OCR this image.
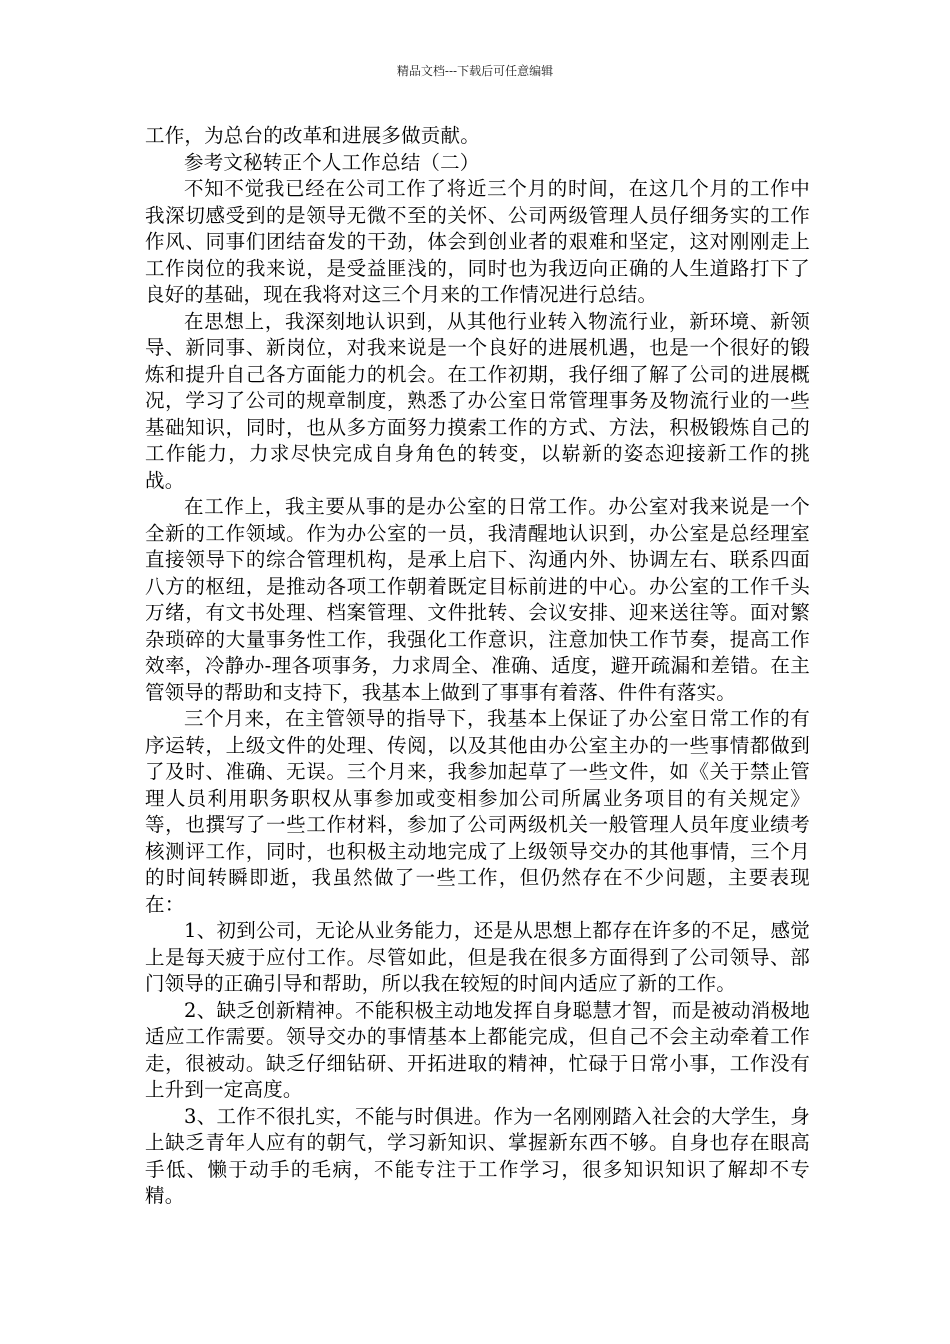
精品文档---下载后可任意编辑

工作，为总台的改革和进展多做贡献。

参考文秘转正个人工作总结（二）

不知不觉我已经在公司工作了将近三个月的时间，在这几个月的工作中我深切感受到的是领导无微不至的关怀、公司两级管理人员仔细务实的工作作风、同事们团结奋发的干劲，体会到创业者的艰难和坚定，这对刚刚走上工作岗位的我来说，是受益匪浅的，同时也为我迈向正确的人生道路打下了良好的基础，现在我将对这三个月来的工作情况进行总结。

在思想上，我深刻地认识到，从其他行业转入物流行业，新环境、新领导、新同事、新岗位，对我来说是一个良好的进展机遇，也是一个很好的锻炼和提升自己各方面能力的机会。在工作初期，我仔细了解了公司的进展概况，学习了公司的规章制度，熟悉了办公室日常管理事务及物流行业的一些基础知识，同时，也从多方面努力摸索工作的方式、方法，积极锻炼自己的工作能力，力求尽快完成自身角色的转变，以崭新的姿态迎接新工作的挑战。

在工作上，我主要从事的是办公室的日常工作。办公室对我来说是一个全新的工作领域。作为办公室的一员，我清醒地认识到，办公室是总经理室直接领导下的综合管理机构，是承上启下、沟通内外、协调左右、联系四面八方的枢纽，是推动各项工作朝着既定目标前进的中心。办公室的工作千头万绪，有文书处理、档案管理、文件批转、会议安排、迎来送往等。面对繁杂琐碎的大量事务性工作，我强化工作意识，注意加快工作节奏，提高工作效率，冷静办-理各项事务，力求周全、准确、适度，避开疏漏和差错。在主管领导的帮助和支持下，我基本上做到了事事有着落、件件有落实。

三个月来，在主管领导的指导下，我基本上保证了办公室日常工作的有序运转，上级文件的处理、传阅，以及其他由办公室主办的一些事情都做到了及时、准确、无误。三个月来，我参加起草了一些文件，如《关于禁止管理人员利用职务职权从事参加或变相参加公司所属业务项目的有关规定》等，也撰写了一些工作材料，参加了公司两级机关一般管理人员年度业绩考核测评工作，同时，也积极主动地完成了上级领导交办的其他事情，三个月的时间转瞬即逝，我虽然做了一些工作，但仍然存在不少问题，主要表现在：

1、初到公司，无论从业务能力，还是从思想上都存在许多的不足，感觉上是每天疲于应付工作。尽管如此，但是我在很多方面得到了公司领导、部门领导的正确引导和帮助，所以我在较短的时间内适应了新的工作。

2、缺乏创新精神。不能积极主动地发挥自身聪慧才智，而是被动消极地适应工作需要。领导交办的事情基本上都能完成，但自己不会主动牵着工作走，很被动。缺乏仔细钻研、开拓进取的精神，忙碌于日常小事，工作没有上升到一定高度。

3、工作不很扎实，不能与时俱进。作为一名刚刚踏入社会的大学生，身上缺乏青年人应有的朝气，学习新知识、掌握新东西不够。自身也存在眼高手低、懒于动手的毛病，不能专注于工作学习，很多知识知识了解却不专精。
